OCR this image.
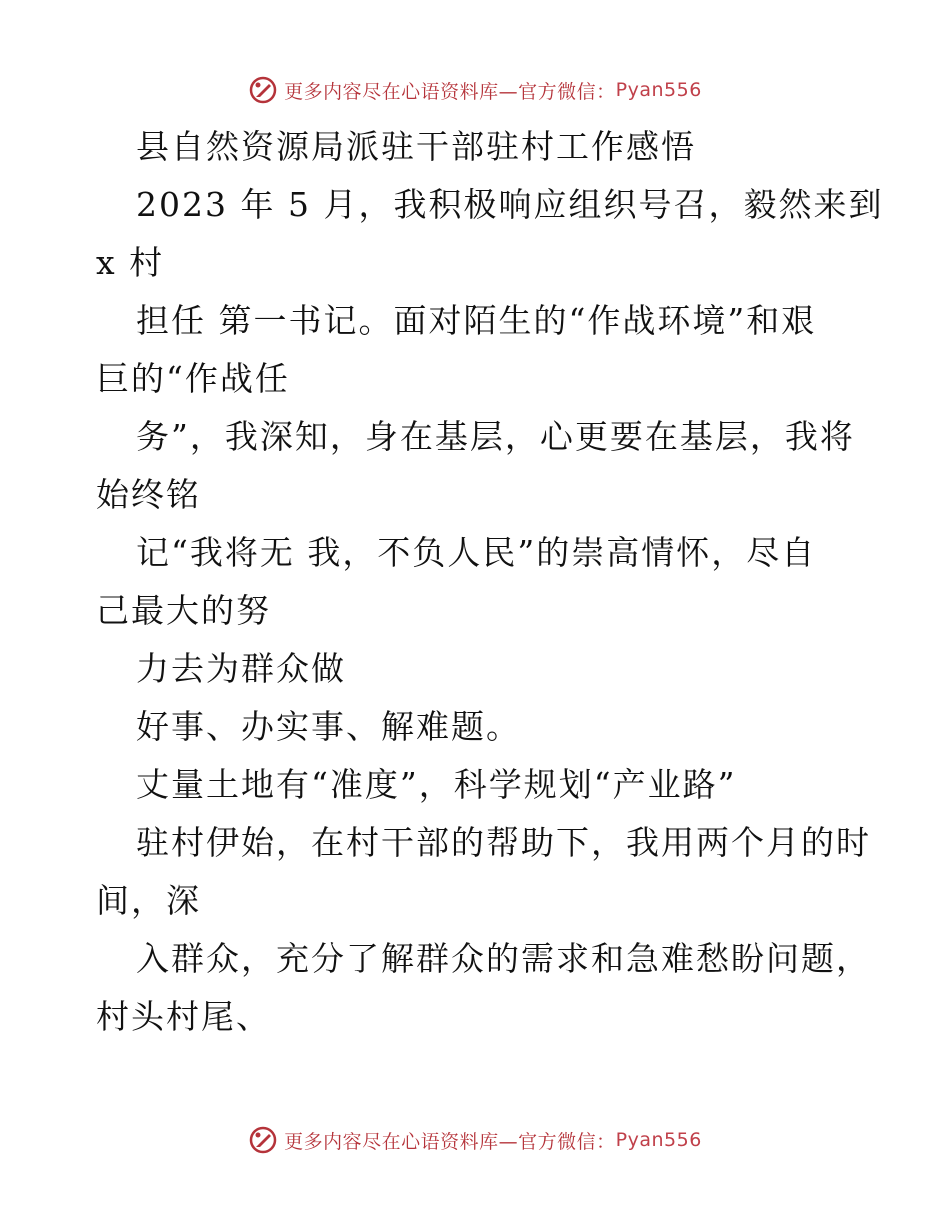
更多内容尽在心语资料库—官方微信： Pyan556
县自然资源局派驻干部驻村工作感悟
2023 年 5 月，我积极响应组织号召，毅然来到
x 村
担任 第一书记。面对陌生的“作战环境”和艰
巨的“作战任
务”，我深知，身在基层，心更要在基层，我将
始终铭
记“我将无 我，不负人民”的崇高情怀，尽自
己最大的努
力去为群众做
好事、办实事、解难题。
丈量土地有“准度”，科学规划“产业路”
驻村伊始，在村干部的帮助下，我用两个月的时
间，深
入群众，充分了解群众的需求和急难愁盼问题，
村头村尾、
更多内容尽在心语资料库—官方微信： Pyan556
